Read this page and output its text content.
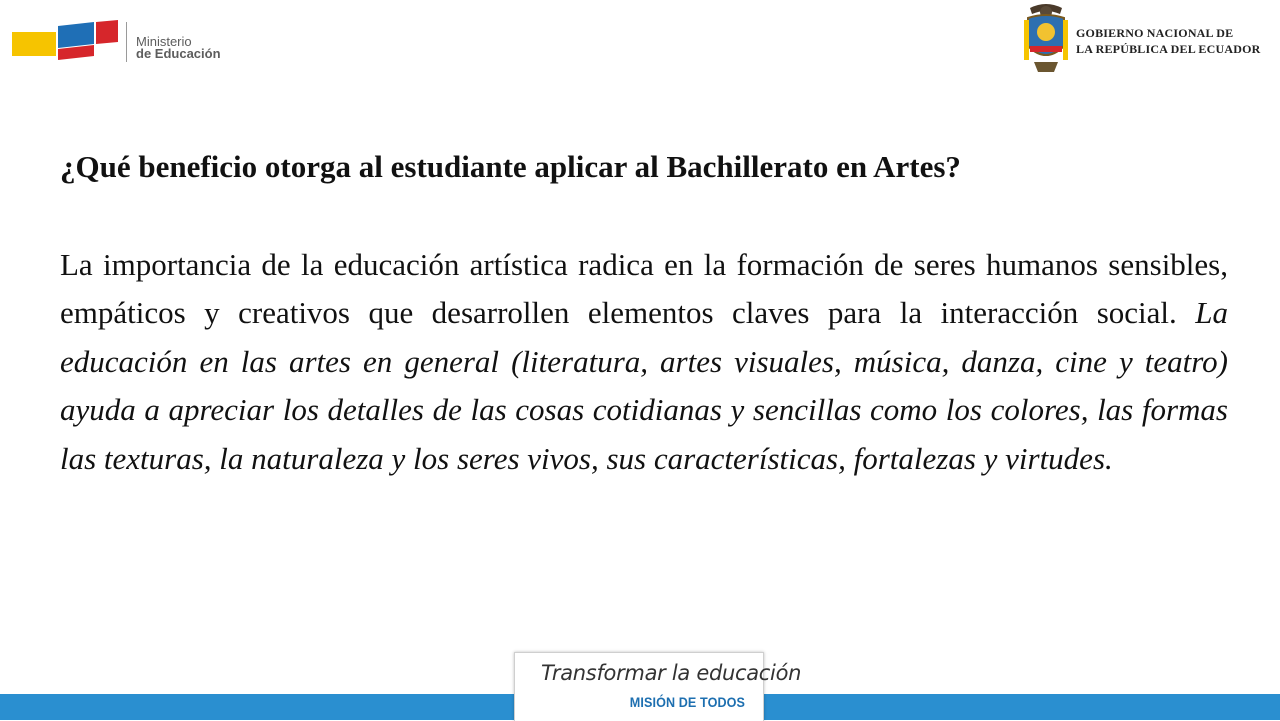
Ministerio
de Educación
GOBIERNO NACIONAL DE
LA REPÚBLICA DEL ECUADOR
¿Qué beneficio otorga al estudiante aplicar al Bachillerato en Artes?

La importancia de la educación artística radica en la formación de seres humanos sensibles, empáticos y creativos que desarrollen elementos claves para la interacción social. La educación en las artes en general (literatura, artes visuales, música, danza, cine y teatro) ayuda a apreciar los detalles de las cosas cotidianas y sencillas como los colores, las formas las texturas, la naturaleza y los seres vivos, sus características, fortalezas y virtudes.

Transformar la educación
MISIÓN DE TODOS
